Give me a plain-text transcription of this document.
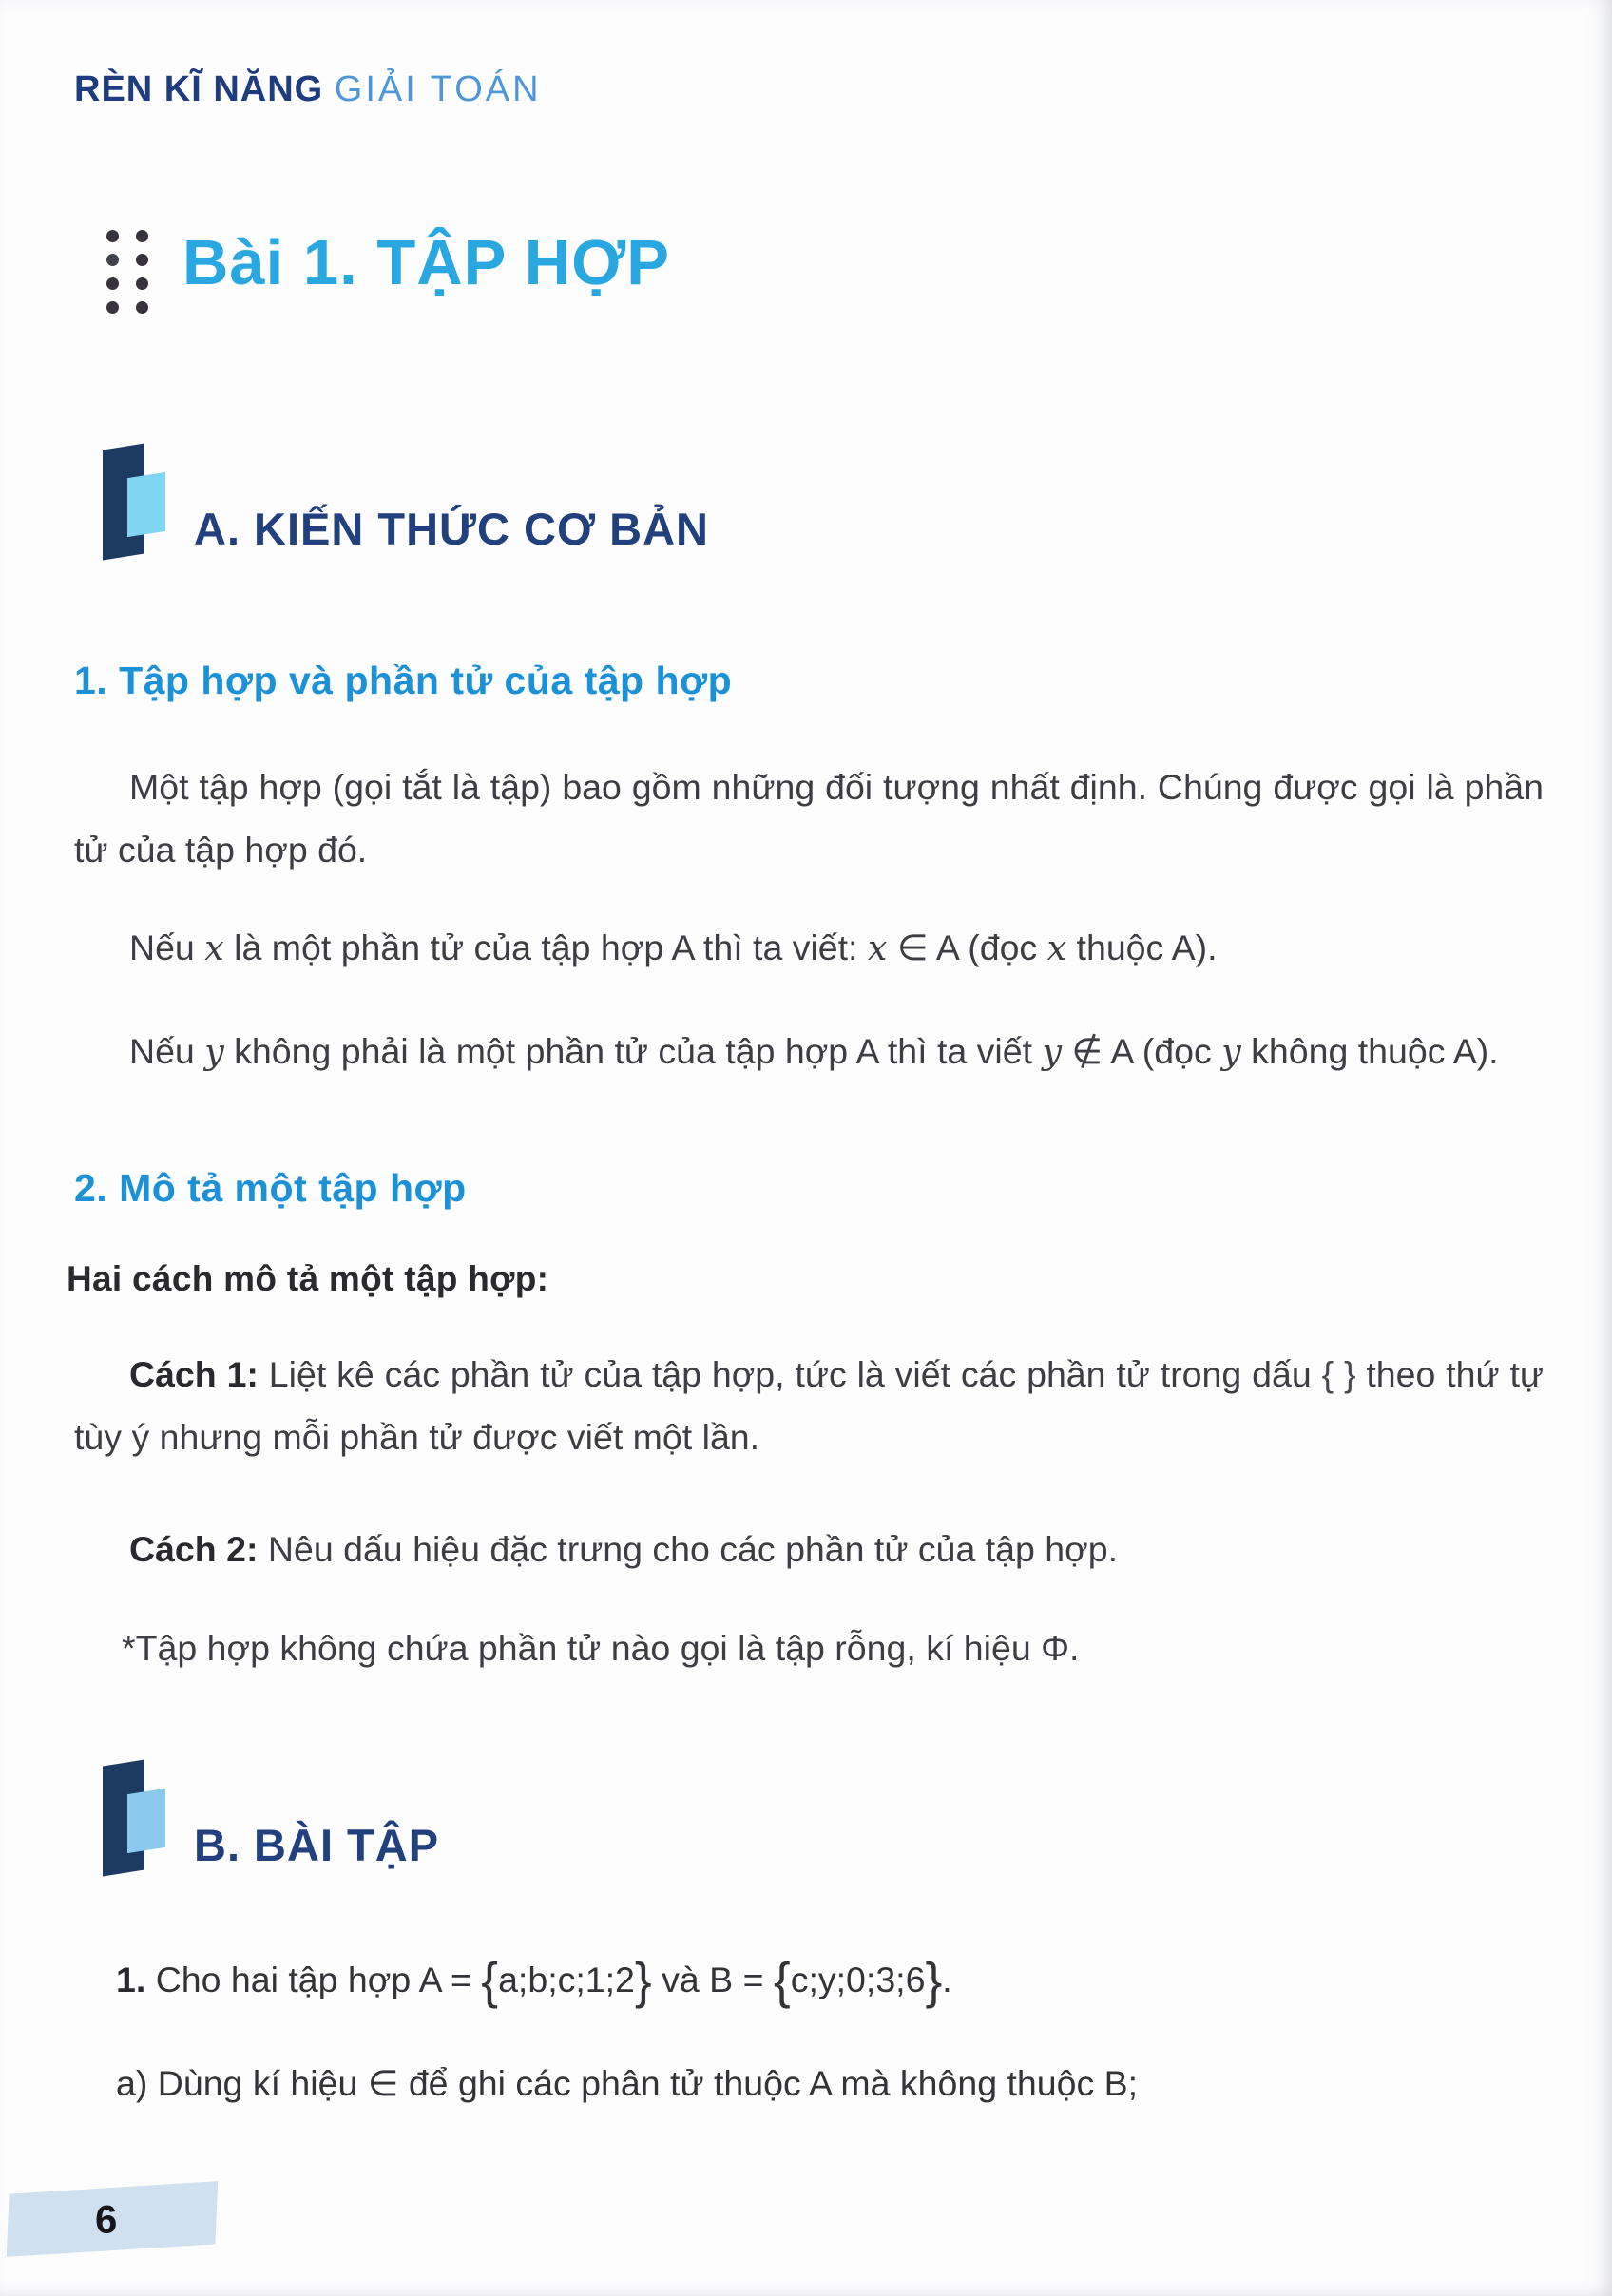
RÈN KĨ NĂNG GIẢI TOÁN
Bài 1. TẬP HỢP
A. KIẾN THỨC CƠ BẢN
1. Tập hợp và phần tử của tập hợp

Một tập hợp (gọi tắt là tập) bao gồm những đối tượng nhất định. Chúng được gọi là phần tử của tập hợp đó.

Nếu x là một phần tử của tập hợp A thì ta viết: x ∈ A (đọc x thuộc A).

Nếu y không phải là một phần tử của tập hợp A thì ta viết y ∉ A (đọc y không thuộc A).

2. Mô tả một tập hợp
Hai cách mô tả một tập hợp:

Cách 1: Liệt kê các phần tử của tập hợp, tức là viết các phần tử trong dấu { } theo thứ tự tùy ý nhưng mỗi phần tử được viết một lần.

Cách 2: Nêu dấu hiệu đặc trưng cho các phần tử của tập hợp.

*Tập hợp không chứa phần tử nào gọi là tập rỗng, kí hiệu Φ.

B. BÀI TẬP

1. Cho hai tập hợp A = {a;b;c;1;2} và B = {c;y;0;3;6}.

a) Dùng kí hiệu ∈ để ghi các phân tử thuộc A mà không thuộc B;

6
